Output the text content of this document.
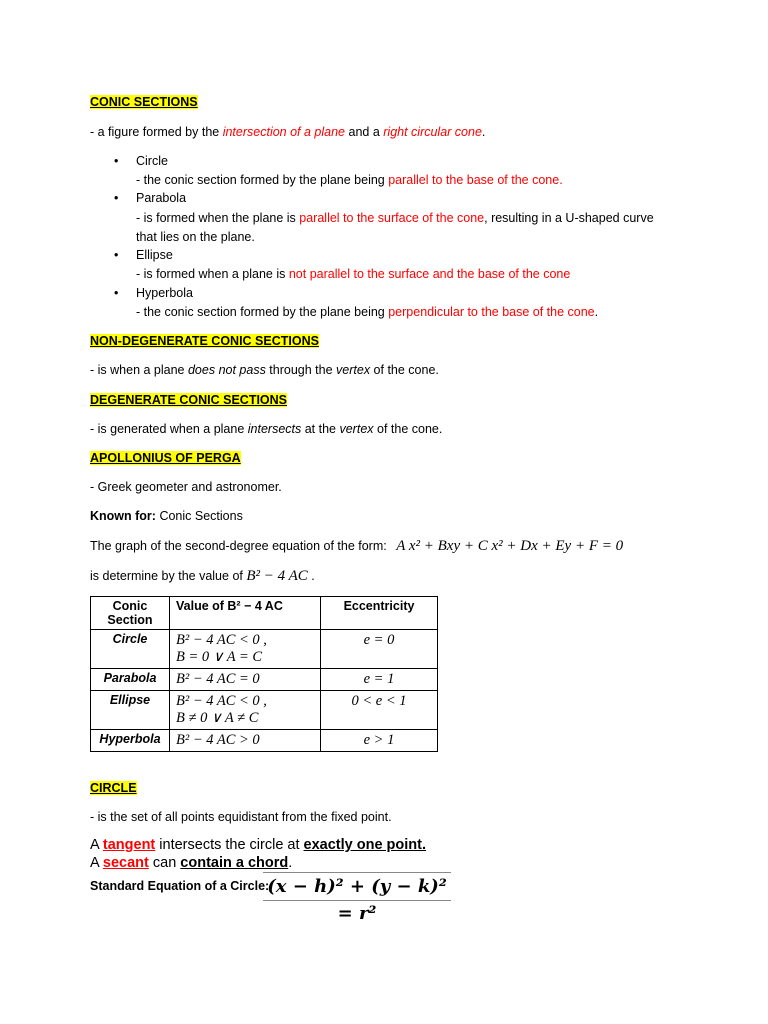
CONIC SECTIONS
- a figure formed by the intersection of a plane and a right circular cone.
•	Circle
- the conic section formed by the plane being parallel to the base of the cone.
•	Parabola
- is formed when the plane is parallel to the surface of the cone, resulting in a U-shaped curve
that lies on the plane.
•	Ellipse
- is formed when a plane is not parallel to the surface and the base of the cone
•	Hyperbola
- the conic section formed by the plane being perpendicular to the base of the cone.
NON-DEGENERATE CONIC SECTIONS
- is when a plane does not pass through the vertex of the cone.
DEGENERATE CONIC SECTIONS
- is generated when a plane intersects at the vertex of the cone.
APOLLONIUS OF PERGA
- Greek geometer and astronomer.
Known for: Conic Sections
The graph of the second-degree equation of the form: A x² + Bxy + C x² + Dx + Ey + F = 0
is determine by the value of B² − 4 AC .
Conic Section	Value of B² − 4 AC	Eccentricity
Circle	B² − 4 AC < 0 ,
B = 0 ∨ A = C	e = 0
Parabola	B² − 4 AC = 0	e = 1
Ellipse	B² − 4 AC < 0 ,
B ≠ 0 ∨ A ≠ C	0 < e < 1
Hyperbola	B² − 4 AC > 0	e > 1
CIRCLE
- is the set of all points equidistant from the fixed point.
A tangent intersects the circle at exactly one point.
A secant can contain a chord.
Standard Equation of a Circle:
(x − h)² + (y − k)² = r²
